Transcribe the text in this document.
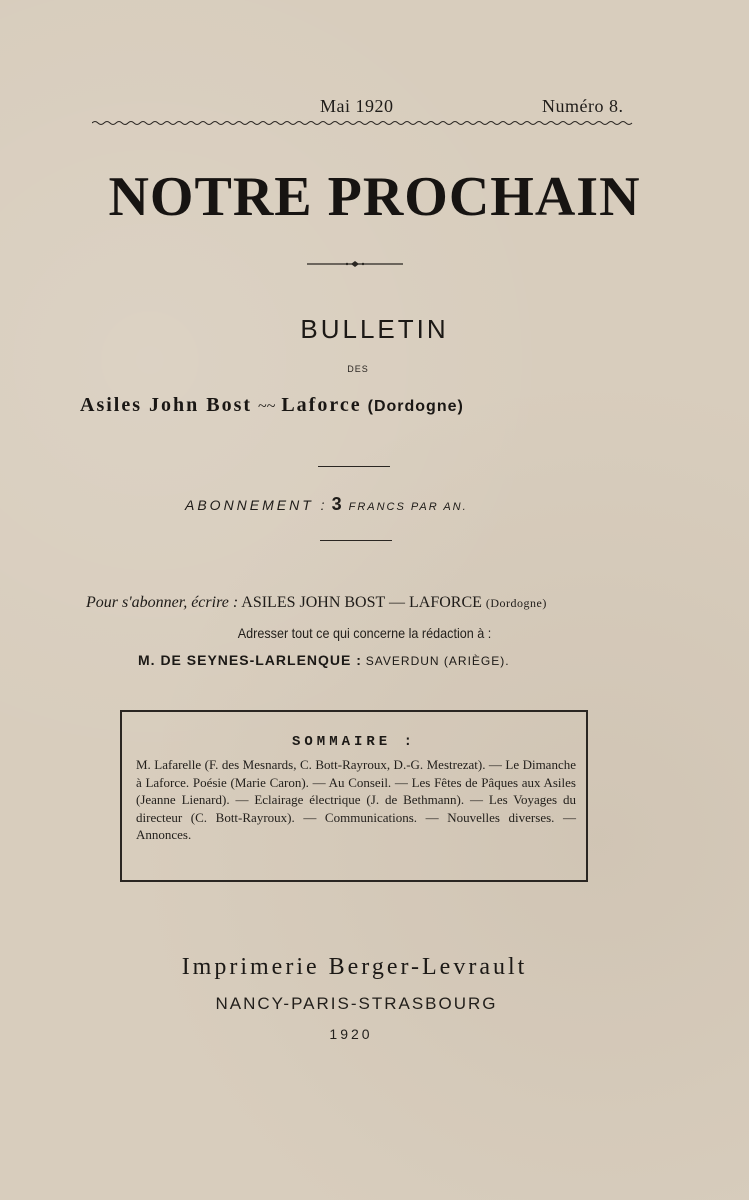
Mai 1920	Numéro 8.
NOTRE PROCHAIN
BULLETIN
DES
Asiles John Bost ~~ Laforce (Dordogne)
ABONNEMENT : 3 FRANCS PAR AN.
Pour s'abonner, écrire : ASILES JOHN BOST — LAFORCE (Dordogne)
Adresser tout ce qui concerne la rédaction à :
M. DE SEYNES-LARLENQUE : SAVERDUN (ARIÈGE).
SOMMAIRE :
M. Lafarelle (F. des Mesnards, C. Bott-Rayroux, D.-G. Mestrezat). — Le Dimanche à Laforce. Poésie (Marie Caron). — Au Conseil. — Les Fêtes de Pâques aux Asiles (Jeanne Lienard). — Eclairage électrique (J. de Bethmann). — Les Voyages du directeur (C. Bott-Rayroux). — Communications. — Nouvelles diverses. — Annonces.
Imprimerie Berger-Levrault
NANCY-PARIS-STRASBOURG
1920
